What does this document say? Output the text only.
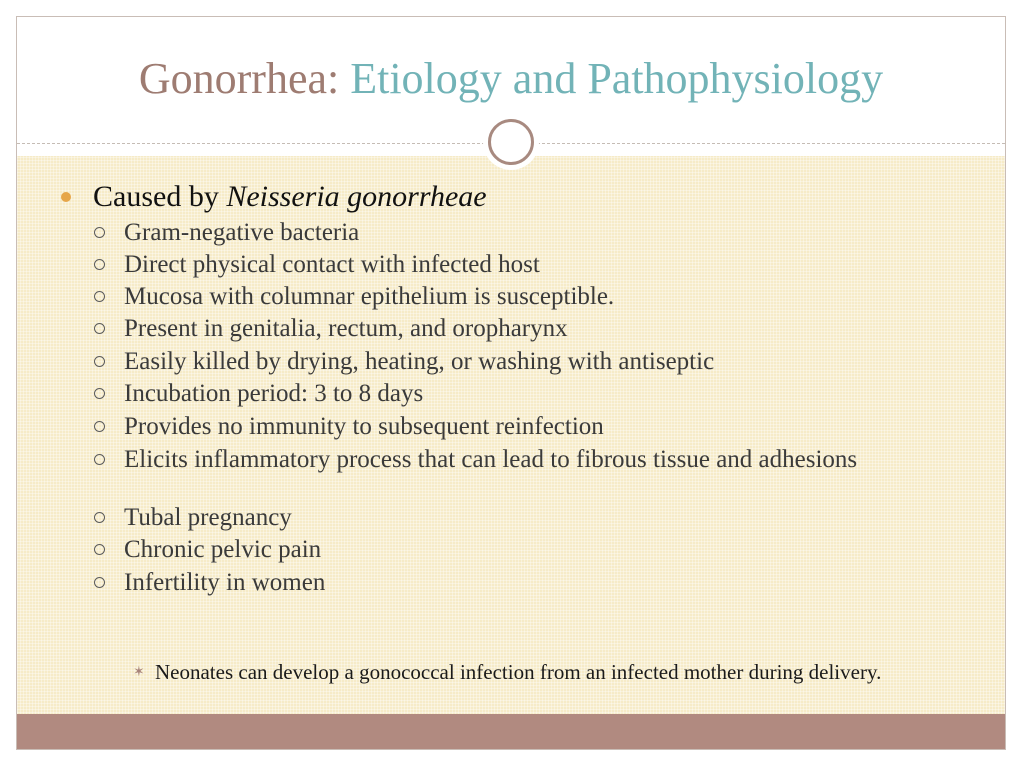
Gonorrhea: Etiology and Pathophysiology
Caused by Neisseria gonorrheae
Gram-negative bacteria
Direct physical contact with infected host
Mucosa with columnar epithelium is susceptible.
Present in genitalia, rectum, and oropharynx
Easily killed by drying, heating, or washing with antiseptic
Incubation period: 3 to 8 days
Provides no immunity to subsequent reinfection
Elicits inflammatory process that can lead to fibrous tissue and adhesions
Tubal pregnancy
Chronic pelvic pain
Infertility in women
✶ Neonates can develop a gonococcal infection from an infected mother during delivery.
